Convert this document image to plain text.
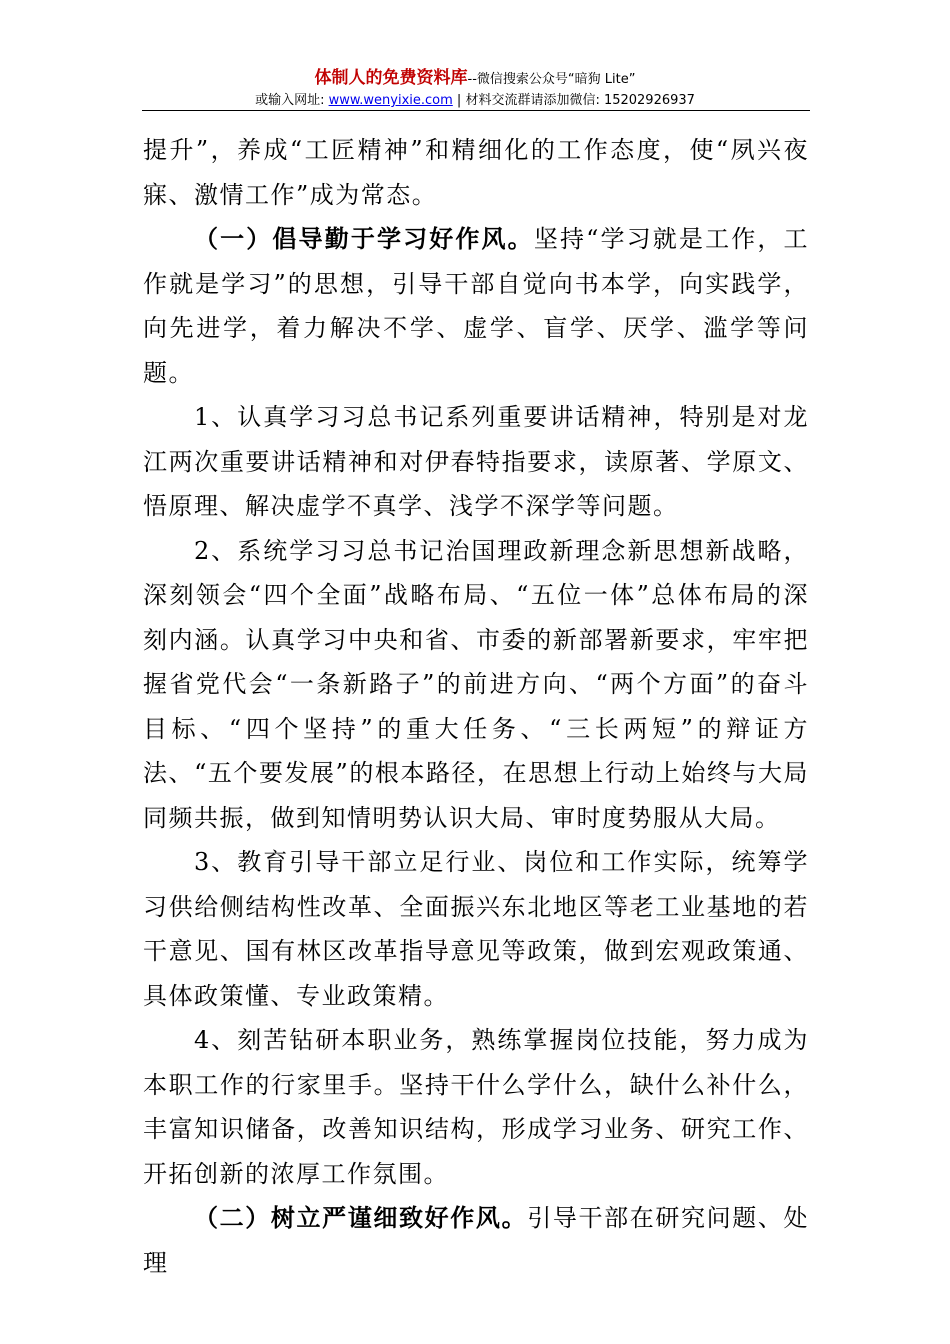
体制人的免费资料库--微信搜索公众号“暗狗 Lite”
或输入网址: www.wenyixie.com | 材料交流群请添加微信: 15202926937

提升”，养成“工匠精神”和精细化的工作态度，使“夙兴夜寐、激情工作”成为常态。

（一）倡导勤于学习好作风。坚持“学习就是工作，工作就是学习”的思想，引导干部自觉向书本学，向实践学，向先进学，着力解决不学、虚学、盲学、厌学、滥学等问题。

1、认真学习习总书记系列重要讲话精神，特别是对龙江两次重要讲话精神和对伊春特指要求，读原著、学原文、悟原理、解决虚学不真学、浅学不深学等问题。

2、系统学习习总书记治国理政新理念新思想新战略，深刻领会“四个全面”战略布局、“五位一体”总体布局的深刻内涵。认真学习中央和省、市委的新部署新要求，牢牢把握省党代会“一条新路子”的前进方向、“两个方面”的奋斗目标、“四个坚持”的重大任务、“三长两短”的辩证方法、“五个要发展”的根本路径，在思想上行动上始终与大局同频共振，做到知情明势认识大局、审时度势服从大局。

3、教育引导干部立足行业、岗位和工作实际，统筹学习供给侧结构性改革、全面振兴东北地区等老工业基地的若干意见、国有林区改革指导意见等政策，做到宏观政策通、具体政策懂、专业政策精。

4、刻苦钻研本职业务，熟练掌握岗位技能，努力成为本职工作的行家里手。坚持干什么学什么，缺什么补什么，丰富知识储备，改善知识结构，形成学习业务、研究工作、开拓创新的浓厚工作氛围。

（二）树立严谨细致好作风。引导干部在研究问题、处理
